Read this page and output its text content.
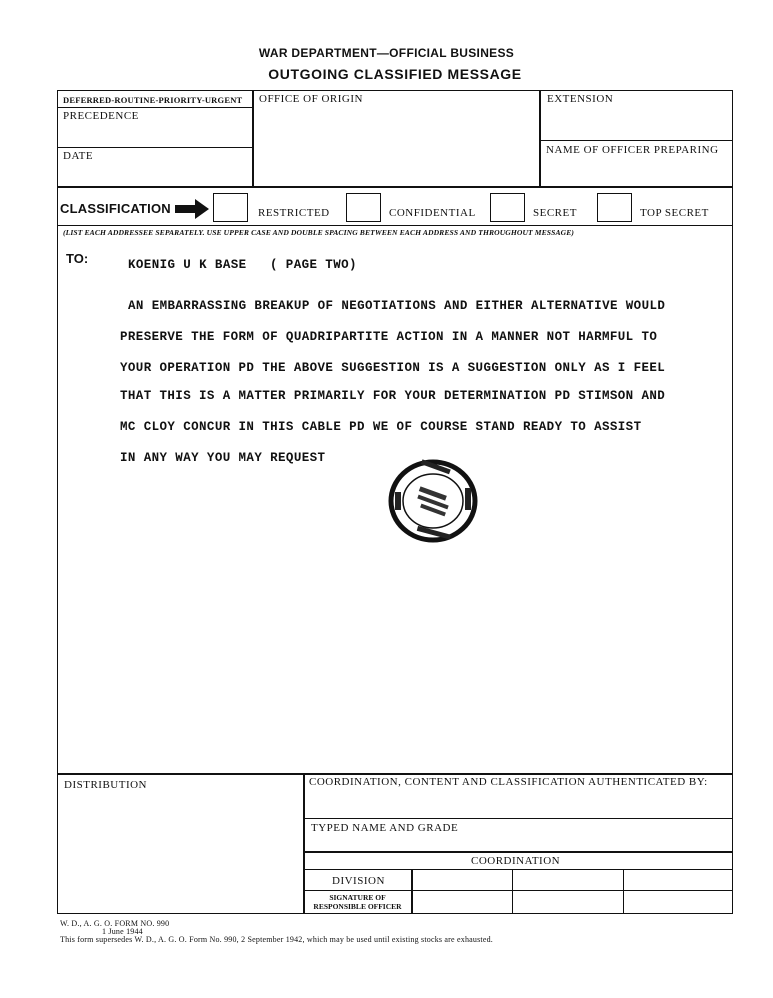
WAR DEPARTMENT—OFFICIAL BUSINESS
OUTGOING CLASSIFIED MESSAGE
DEFERRED-ROUTINE-PRIORITY-URGENT
PRECEDENCE
DATE
OFFICE OF ORIGIN	EXTENSION
NAME OF OFFICER PREPARING
CLASSIFICATION	RESTRICTED	CONFIDENTIAL	SECRET	TOP SECRET
(LIST EACH ADDRESSEE SEPARATELY. USE UPPER CASE AND DOUBLE SPACING BETWEEN EACH ADDRESS AND THROUGHOUT MESSAGE)
TO:	KOENIG U K BASE ( PAGE TWO)
AN EMBARRASSING BREAKUP OF NEGOTIATIONS AND EITHER ALTERNATIVE WOULD
PRESERVE THE FORM OF QUADRIPARTITE ACTION IN A MANNER NOT HARMFUL TO
YOUR OPERATION PD THE ABOVE SUGGESTION IS A SUGGESTION ONLY AS I FEEL
THAT THIS IS A MATTER PRIMARILY FOR YOUR DETERMINATION PD STIMSON AND
MC CLOY CONCUR IN THIS CABLE PD WE OF COURSE STAND READY TO ASSIST
IN ANY WAY YOU MAY REQUEST
DISTRIBUTION	COORDINATION, CONTENT AND CLASSIFICATION AUTHENTICATED BY:
TYPED NAME AND GRADE
COORDINATION
DIVISION
SIGNATURE OF
RESPONSIBLE OFFICER
W. D., A. G. O. FORM NO. 990
1 June 1944
This form supersedes W. D., A. G. O. Form No. 990, 2 September 1942, which may be used until existing stocks are exhausted.
